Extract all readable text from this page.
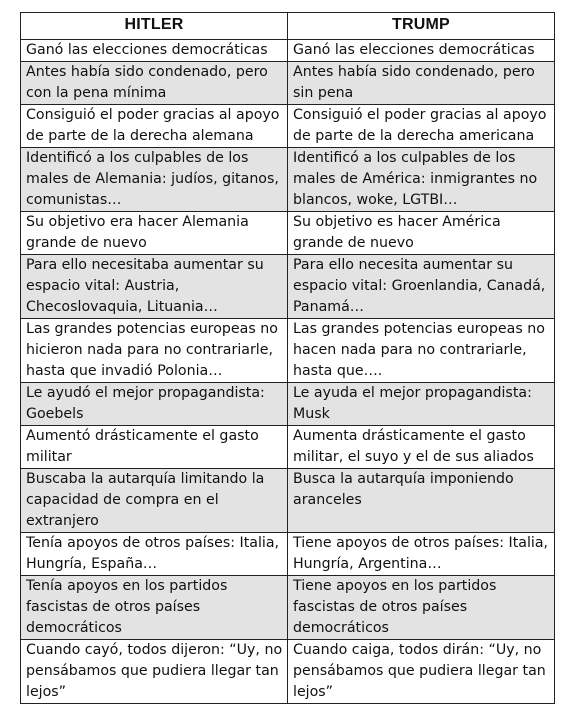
HITLER	TRUMP
Ganó las elecciones democráticas	Ganó las elecciones democráticas
Antes había sido condenado, pero con la pena mínima	Antes había sido condenado, pero sin pena
Consiguió el poder gracias al apoyo de parte de la derecha alemana	Consiguió el poder gracias al apoyo de parte de la derecha americana
Identificó a los culpables de los males de Alemania: judíos, gitanos, comunistas…	Identificó a los culpables de los males de América: inmigrantes no blancos, woke, LGTBI…
Su objetivo era hacer Alemania grande de nuevo	Su objetivo es hacer América grande de nuevo
Para ello necesitaba aumentar su espacio vital: Austria, Checoslovaquia, Lituania…	Para ello necesita aumentar su espacio vital: Groenlandia, Canadá, Panamá…
Las grandes potencias europeas no hicieron nada para no contrariarle, hasta que invadió Polonia…	Las grandes potencias europeas no hacen nada para no contrariarle, hasta que….
Le ayudó el mejor propagandista: Goebels	Le ayuda el mejor propagandista: Musk
Aumentó drásticamente el gasto militar	Aumenta drásticamente el gasto militar, el suyo y el de sus aliados
Buscaba la autarquía limitando la capacidad de compra en el extranjero	Busca la autarquía imponiendo aranceles
Tenía apoyos de otros países: Italia, Hungría, España…	Tiene apoyos de otros países: Italia, Hungría, Argentina…
Tenía apoyos en los partidos fascistas de otros países democráticos	Tiene apoyos en los partidos fascistas de otros países democráticos
Cuando cayó, todos dijeron: “Uy, no pensábamos que pudiera llegar tan lejos”	Cuando caiga, todos dirán: “Uy, no pensábamos que pudiera llegar tan lejos”
